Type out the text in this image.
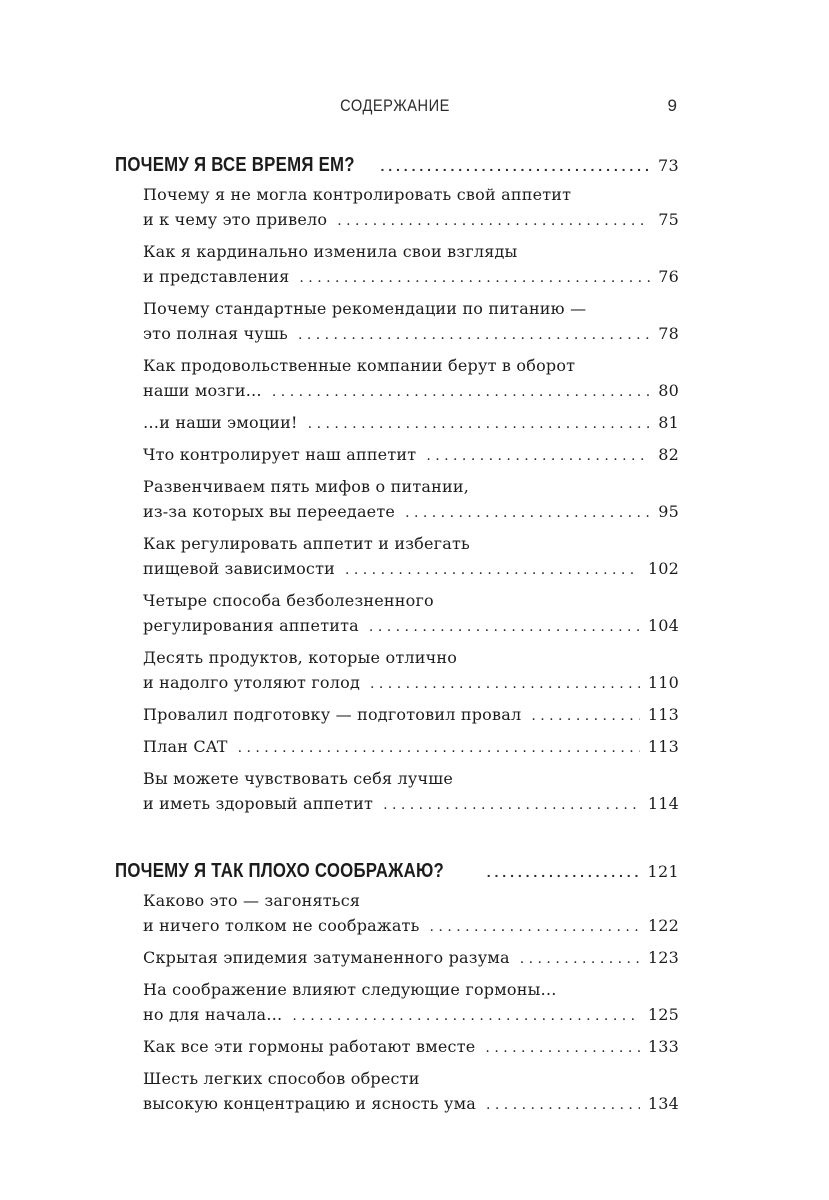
СОДЕРЖАНИЕ	9
ПОЧЕМУ Я ВСЕ ВРЕМЯ ЕМ? . . .	73
Почему я не могла контролировать свой аппетит
и к чему это привело . . .	75
Как я кардинально изменила свои взгляды
и представления . . .	76
Почему стандартные рекомендации по питанию —
это полная чушь . . .	78
Как продовольственные компании берут в оборот
наши мозги… . . .	80
…и наши эмоции! . . .	81
Что контролирует наш аппетит . . .	82
Развенчиваем пять мифов о питании,
из-за которых вы переедаете . . .	95
Как регулировать аппетит и избегать
пищевой зависимости . . .	102
Четыре способа безболезненного
регулирования аппетита . . .	104
Десять продуктов, которые отлично
и надолго утоляют голод . . .	110
Провалил подготовку — подготовил провал . . .	113
План CAT . . .	113
Вы можете чувствовать себя лучше
и иметь здоровый аппетит . . .	114
ПОЧЕМУ Я ТАК ПЛОХО СООБРАЖАЮ? . . .	121
Каково это — загоняться
и ничего толком не соображать . . .	122
Скрытая эпидемия затуманенного разума . . .	123
На соображение влияют следующие гормоны…
но для начала… . . .	125
Как все эти гормоны работают вместе . . .	133
Шесть легких способов обрести
высокую концентрацию и ясность ума . . .	134
